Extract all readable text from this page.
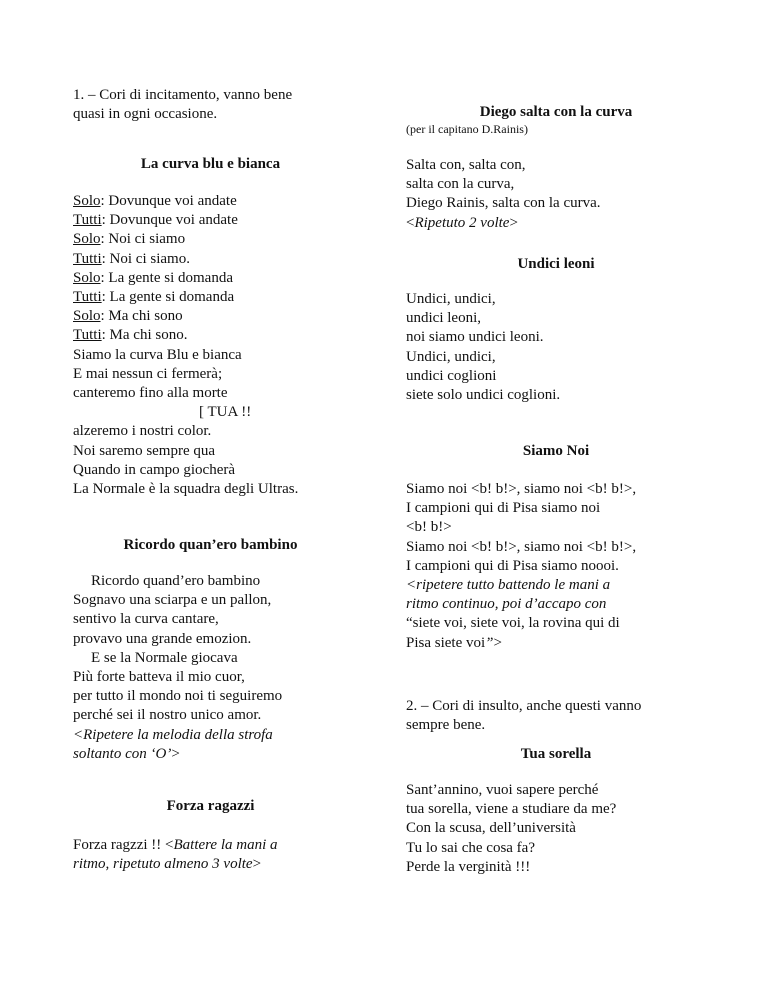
1. – Cori di incitamento, vanno bene
quasi in ogni occasione.
La curva blu e bianca
Solo: Dovunque voi andate
Tutti: Dovunque voi andate
Solo: Noi ci siamo
Tutti: Noi ci siamo.
Solo: La gente si domanda
Tutti: La gente si domanda
Solo: Ma chi sono
Tutti: Ma chi sono.
Siamo la curva Blu e bianca
E mai nessun ci fermerà;
canteremo fino alla morte
[ TUA !!
alzeremo i nostri color.
Noi saremo sempre qua
Quando in campo giocherà
La Normale è la squadra degli Ultras.
Ricordo quan’ero bambino
Ricordo quand’ero bambino
Sognavo una sciarpa e un pallon,
sentivo la curva cantare,
provavo una grande emozion.
E se la Normale giocava
Più forte batteva il mio cuor,
per tutto il mondo noi ti seguiremo
perché sei il nostro unico amor.
<Ripetere la melodia della strofa
soltanto con ‘O’>
Forza ragazzi
Forza ragzzi !! <Battere la mani a
ritmo, ripetuto almeno 3 volte>
Diego salta con la curva
(per il capitano D.Rainis)
Salta con, salta con,
salta con la curva,
Diego Rainis, salta con la curva.
<Ripetuto 2 volte>
Undici leoni
Undici, undici,
undici leoni,
noi siamo undici leoni.
Undici, undici,
undici coglioni
siete solo undici coglioni.
Siamo Noi
Siamo noi <b! b!>, siamo noi <b! b!>,
I campioni qui di Pisa siamo noi
<b! b!>
Siamo noi <b! b!>, siamo noi <b! b!>,
I campioni qui di Pisa siamo noooi.
<ripetere tutto battendo le mani a
ritmo continuo, poi d’accapo con
“siete voi, siete voi, la rovina qui di
Pisa siete voi”>
2. – Cori di insulto, anche questi vanno
sempre bene.
Tua sorella
Sant’annino, vuoi sapere perché
tua sorella, viene a studiare da me?
Con la scusa, dell’università
Tu lo sai che cosa fa?
Perde la verginità !!!
